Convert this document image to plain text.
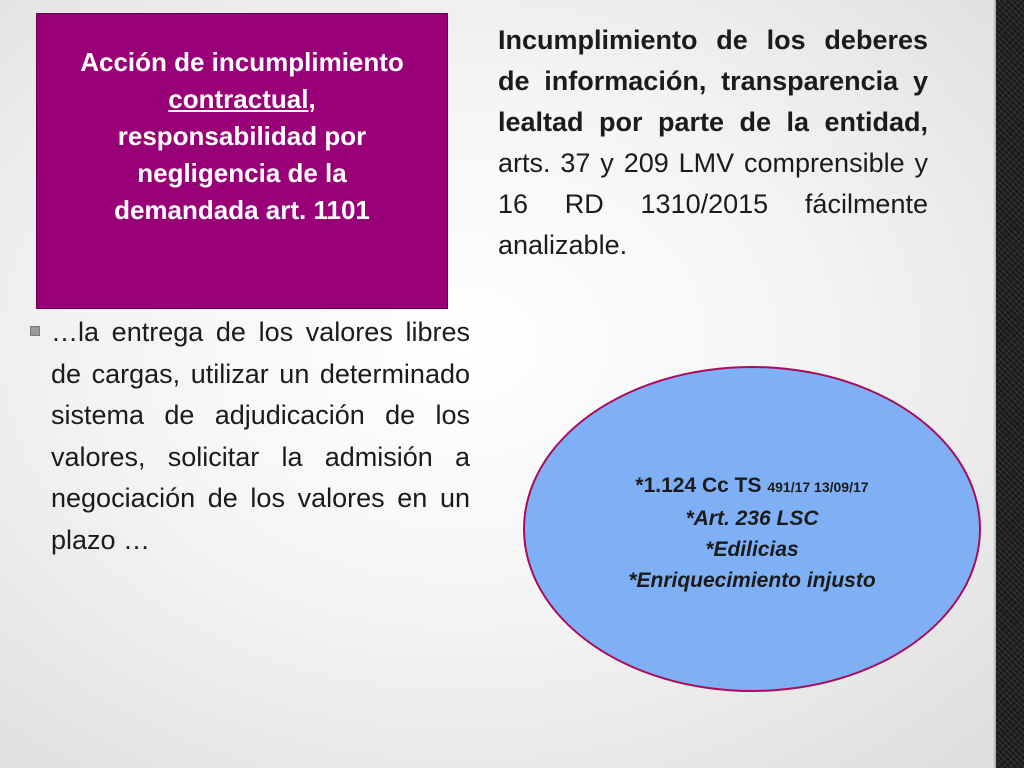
Acción de incumplimiento
contractual,
responsabilidad por
negligencia de la
demandada art. 1101
Incumplimiento de los deberes de información, transparencia y lealtad por parte de la entidad, arts. 37 y 209 LMV comprensible y 16 RD 1310/2015 fácilmente analizable.
…la entrega de los valores libres de cargas, utilizar un determinado sistema de adjudicación de los valores, solicitar la admisión a negociación de los valores en un plazo …
*1.124 Cc TS 491/17 13/09/17
*Art. 236 LSC
*Edilicias
*Enriquecimiento injusto
